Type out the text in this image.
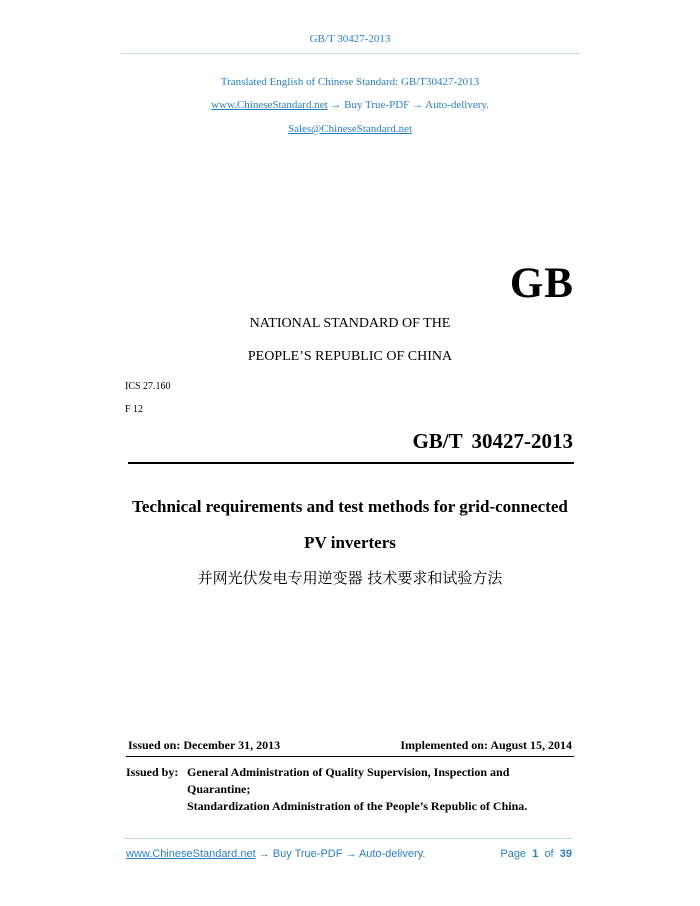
GB/T 30427-2013
Translated English of Chinese Standard: GB/T30427-2013
www.ChineseStandard.net → Buy True-PDF → Auto-delivery.
Sales@ChineseStandard.net
GB
NATIONAL STANDARD OF THE
PEOPLE’S REPUBLIC OF CHINA
ICS 27.160
F 12
GB/T 30427-2013
Technical requirements and test methods for grid-connected
PV inverters
并网光伏发电专用逆变器 技术要求和试验方法
Issued on: December 31, 2013	Implemented on: August 15, 2014
Issued by: General Administration of Quality Supervision, Inspection and
Quarantine;
Standardization Administration of the People’s Republic of China.
www.ChineseStandard.net → Buy True-PDF → Auto-delivery.	Page 1 of 39
